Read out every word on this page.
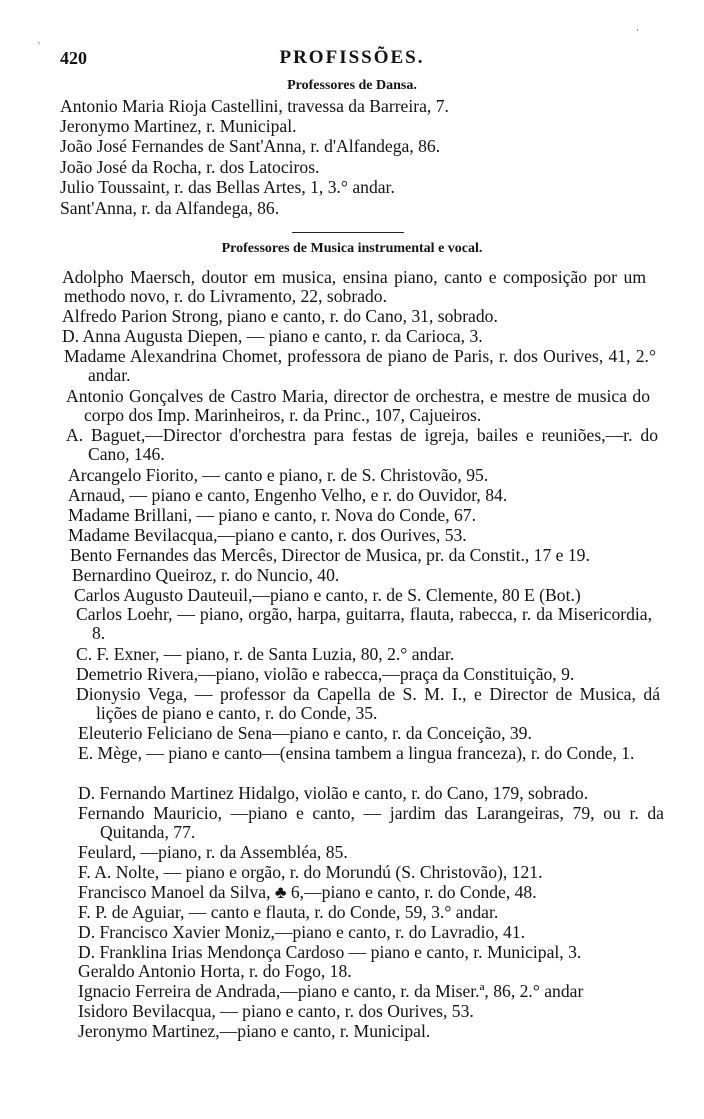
420	PROFISSÕES.
Professores de Dansa.

Antonio Maria Rioja Castellini, travessa da Barreira, 7.

Jeronymo Martinez, r. Municipal.

João José Fernandes de Sant'Anna, r. d'Alfandega, 86.

João José da Rocha, r. dos Latociros.

Julio Toussaint, r. das Bellas Artes, 1, 3.° andar.

Sant'Anna, r. da Alfandega, 86.

Professores de Musica instrumental e vocal.

Adolpho Maersch, doutor em musica, ensina piano, canto e composição por um methodo novo, r. do Livramento, 22, sobrado.

Alfredo Parion Strong, piano e canto, r. do Cano, 31, sobrado.

D. Anna Augusta Diepen, — piano e canto, r. da Carioca, 3.

Madame Alexandrina Chomet, professora de piano de Paris, r. dos Ourives, 41, 2.° andar.

Antonio Gonçalves de Castro Maria, director de orchestra, e mestre de musica do corpo dos Imp. Marinheiros, r. da Princ., 107, Cajueiros.

A. Baguet,—Director d'orchestra para festas de igreja, bailes e reuniões,—r. do Cano, 146.

Arcangelo Fiorito, — canto e piano, r. de S. Christovão, 95.

Arnaud, — piano e canto, Engenho Velho, e r. do Ouvidor, 84.

Madame Brillani, — piano e canto, r. Nova do Conde, 67.

Madame Bevilacqua,—piano e canto, r. dos Ourives, 53.

Bento Fernandes das Mercês, Director de Musica, pr. da Constit., 17 e 19.

Bernardino Queiroz, r. do Nuncio, 40.

Carlos Augusto Dauteuil,—piano e canto, r. de S. Clemente, 80 E (Bot.)

Carlos Loehr, — piano, orgão, harpa, guitarra, flauta, rabecca, r. da Misericordia, 8.

C. F. Exner, — piano, r. de Santa Luzia, 80, 2.° andar.

Demetrio Rivera,—piano, violão e rabecca,—praça da Constituição, 9.

Dionysio Vega, — professor da Capella de S. M. I., e Director de Musica, dá lições de piano e canto, r. do Conde, 35.

Eleuterio Feliciano de Sena—piano e canto, r. da Conceição, 39.

E. Mège, — piano e canto—(ensina tambem a lingua franceza), r. do Conde, 1.

D. Fernando Martinez Hidalgo, violão e canto, r. do Cano, 179, sobrado.

Fernando Mauricio, —piano e canto, — jardim das Larangeiras, 79, ou r. da Quitanda, 77.

Feulard, —piano, r. da Assembléa, 85.

F. A. Nolte, — piano e orgão, r. do Morundú (S. Christovão), 121.

Francisco Manoel da Silva, ♣ 6,—piano e canto, r. do Conde, 48.

F. P. de Aguiar, — canto e flauta, r. do Conde, 59, 3.° andar.

D. Francisco Xavier Moniz,—piano e canto, r. do Lavradio, 41.

D. Franklina Irias Mendonça Cardoso — piano e canto, r. Municipal, 3.

Geraldo Antonio Horta, r. do Fogo, 18.

Ignacio Ferreira de Andrada,—piano e canto, r. da Miser.ª, 86, 2.° andar

Isidoro Bevilacqua, — piano e canto, r. dos Ourives, 53.

Jeronymo Martinez,—piano e canto, r. Municipal.

′
·
